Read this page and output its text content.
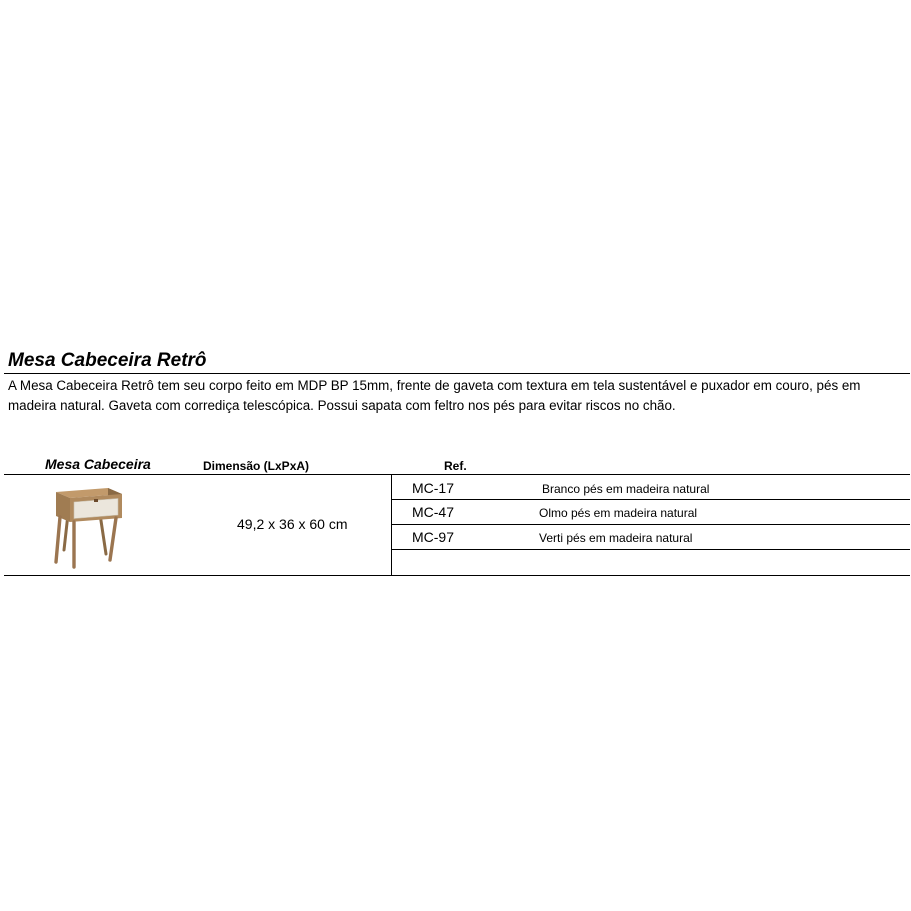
Mesa Cabeceira Retrô

A Mesa Cabeceira Retrô tem seu corpo feito em MDP BP 15mm, frente de gaveta com textura em tela sustentável e puxador em couro, pés em madeira natural. Gaveta com corrediça telescópica. Possui sapata com feltro nos pés para evitar riscos no chão.

Mesa Cabeceira	Dimensão (LxPxA)	Ref.
49,2 x 36 x 60 cm
MC-17	Branco pés em madeira natural
MC-47	Olmo pés em madeira natural
MC-97	Verti pés em madeira natural
